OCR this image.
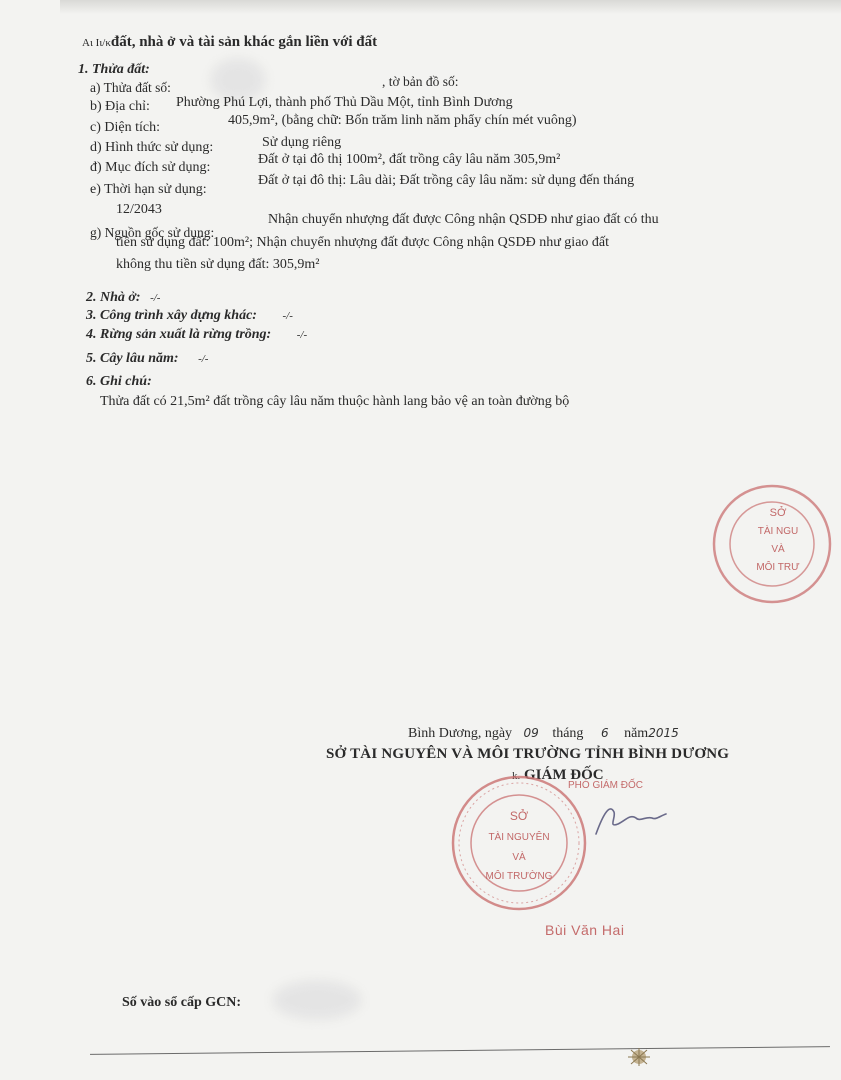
Αι Ιι/κđất, nhà ở và tài sản khác gắn liền với đất
1. Thửa đất:
a) Thửa đất số:	, tờ bản đồ số:
b) Địa chỉ: Phường Phú Lợi, thành phố Thủ Dầu Một, tỉnh Bình Dương
c) Diện tích:	405,9m², (bằng chữ: Bốn trăm linh năm phẩy chín mét vuông)
d) Hình thức sử dụng:	Sử dụng riêng
đ) Mục đích sử dụng:
Đất ở tại đô thị 100m², đất trồng cây lâu năm 305,9m²
e) Thời hạn sử dụng:
Đất ở tại đô thị: Lâu dài; Đất trồng cây lâu năm: sử dụng đến tháng
12/2043
g) Nguồn gốc sử dụng:
Nhận chuyển nhượng đất được Công nhận QSDĐ như giao đất có thu
tiền sử dụng đất: 100m²; Nhận chuyển nhượng đất được Công nhận QSDĐ như giao đất
không thu tiền sử dụng đất: 305,9m²
2. Nhà ở: -/-
3. Công trình xây dựng khác: -/-
4. Rừng sản xuất là rừng trồng: -/-
5. Cây lâu năm: -/-
6. Ghi chú:
Thửa đất có 21,5m² đất trồng cây lâu năm thuộc hành lang bảo vệ an toàn đường bộ
SỞ
TÀI NGU
VÀ
MÔI TRƯ
Bình Dương, ngày 09 tháng 6 năm2015
SỞ TÀI NGUYÊN VÀ MÔI TRƯỜNG TỈNH BÌNH DƯƠNG
k. GIÁM ĐỐC
PHÓ GIÁM ĐỐC
SỞ
TÀI NGUYÊN
VÀ
MÔI TRƯỜNG
Bùi Văn Hai
Số vào sổ cấp GCN:
